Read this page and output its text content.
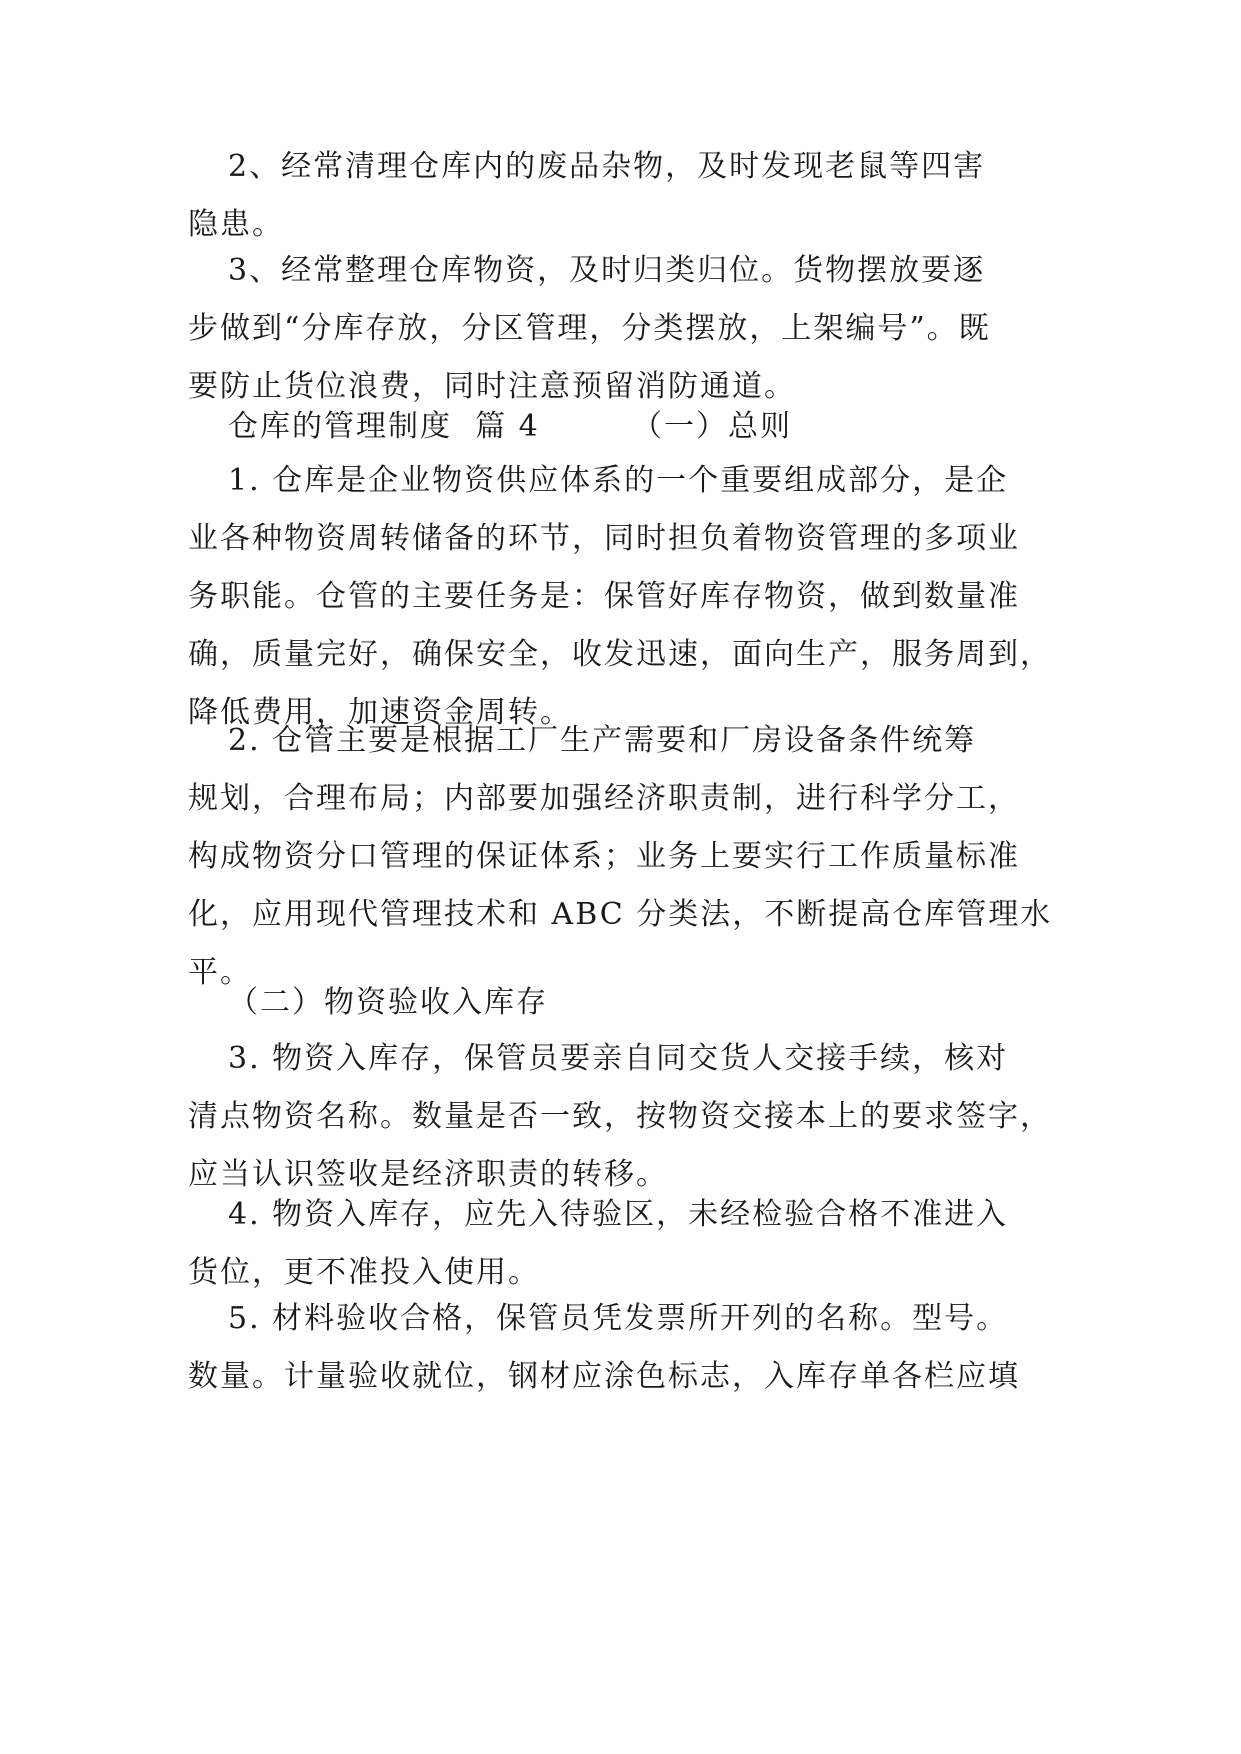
2、经常清理仓库内的废品杂物，及时发现老鼠等四害
隐患。
3、经常整理仓库物资，及时归类归位。货物摆放要逐
步做到“分库存放，分区管理，分类摆放，上架编号”。既
要防止货位浪费，同时注意预留消防通道。
仓库的管理制度  篇 4        （一）总则
1. 仓库是企业物资供应体系的一个重要组成部分，是企
业各种物资周转储备的环节，同时担负着物资管理的多项业
务职能。仓管的主要任务是：保管好库存物资，做到数量准
确，质量完好，确保安全，收发迅速，面向生产，服务周到，
降低费用，加速资金周转。
2. 仓管主要是根据工厂生产需要和厂房设备条件统筹
规划，合理布局；内部要加强经济职责制，进行科学分工，
构成物资分口管理的保证体系；业务上要实行工作质量标准
化，应用现代管理技术和 ABC 分类法，不断提高仓库管理水
平。
（二）物资验收入库存
3. 物资入库存，保管员要亲自同交货人交接手续，核对
清点物资名称。数量是否一致，按物资交接本上的要求签字，
应当认识签收是经济职责的转移。
4. 物资入库存，应先入待验区，未经检验合格不准进入
货位，更不准投入使用。
5. 材料验收合格，保管员凭发票所开列的名称。型号。
数量。计量验收就位，钢材应涂色标志，入库存单各栏应填
